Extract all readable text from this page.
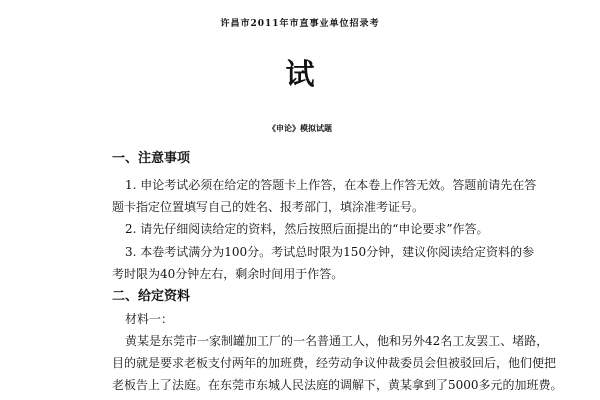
许昌市2011年市直事业单位招录考
试
《申论》模拟试题
一、注意事项
1. 申论考试必须在给定的答题卡上作答，在本卷上作答无效。答题前请先在答
题卡指定位置填写自己的姓名、报考部门，填涂准考证号。
2. 请先仔细阅读给定的资料，然后按照后面提出的“申论要求”作答。
3. 本卷考试满分为100分。考试总时限为150分钟，建议你阅读给定资料的参
考时限为40分钟左右，剩余时间用于作答。
二、给定资料
材料一：
黄某是东莞市一家制罐加工厂的一名普通工人，他和另外42名工友罢工、堵路，
目的就是要求老板支付两年的加班费，经劳动争议仲裁委员会但被驳回后，他们便把
老板告上了法庭。在东莞市东城人民法庭的调解下，黄某拿到了5000多元的加班费。
